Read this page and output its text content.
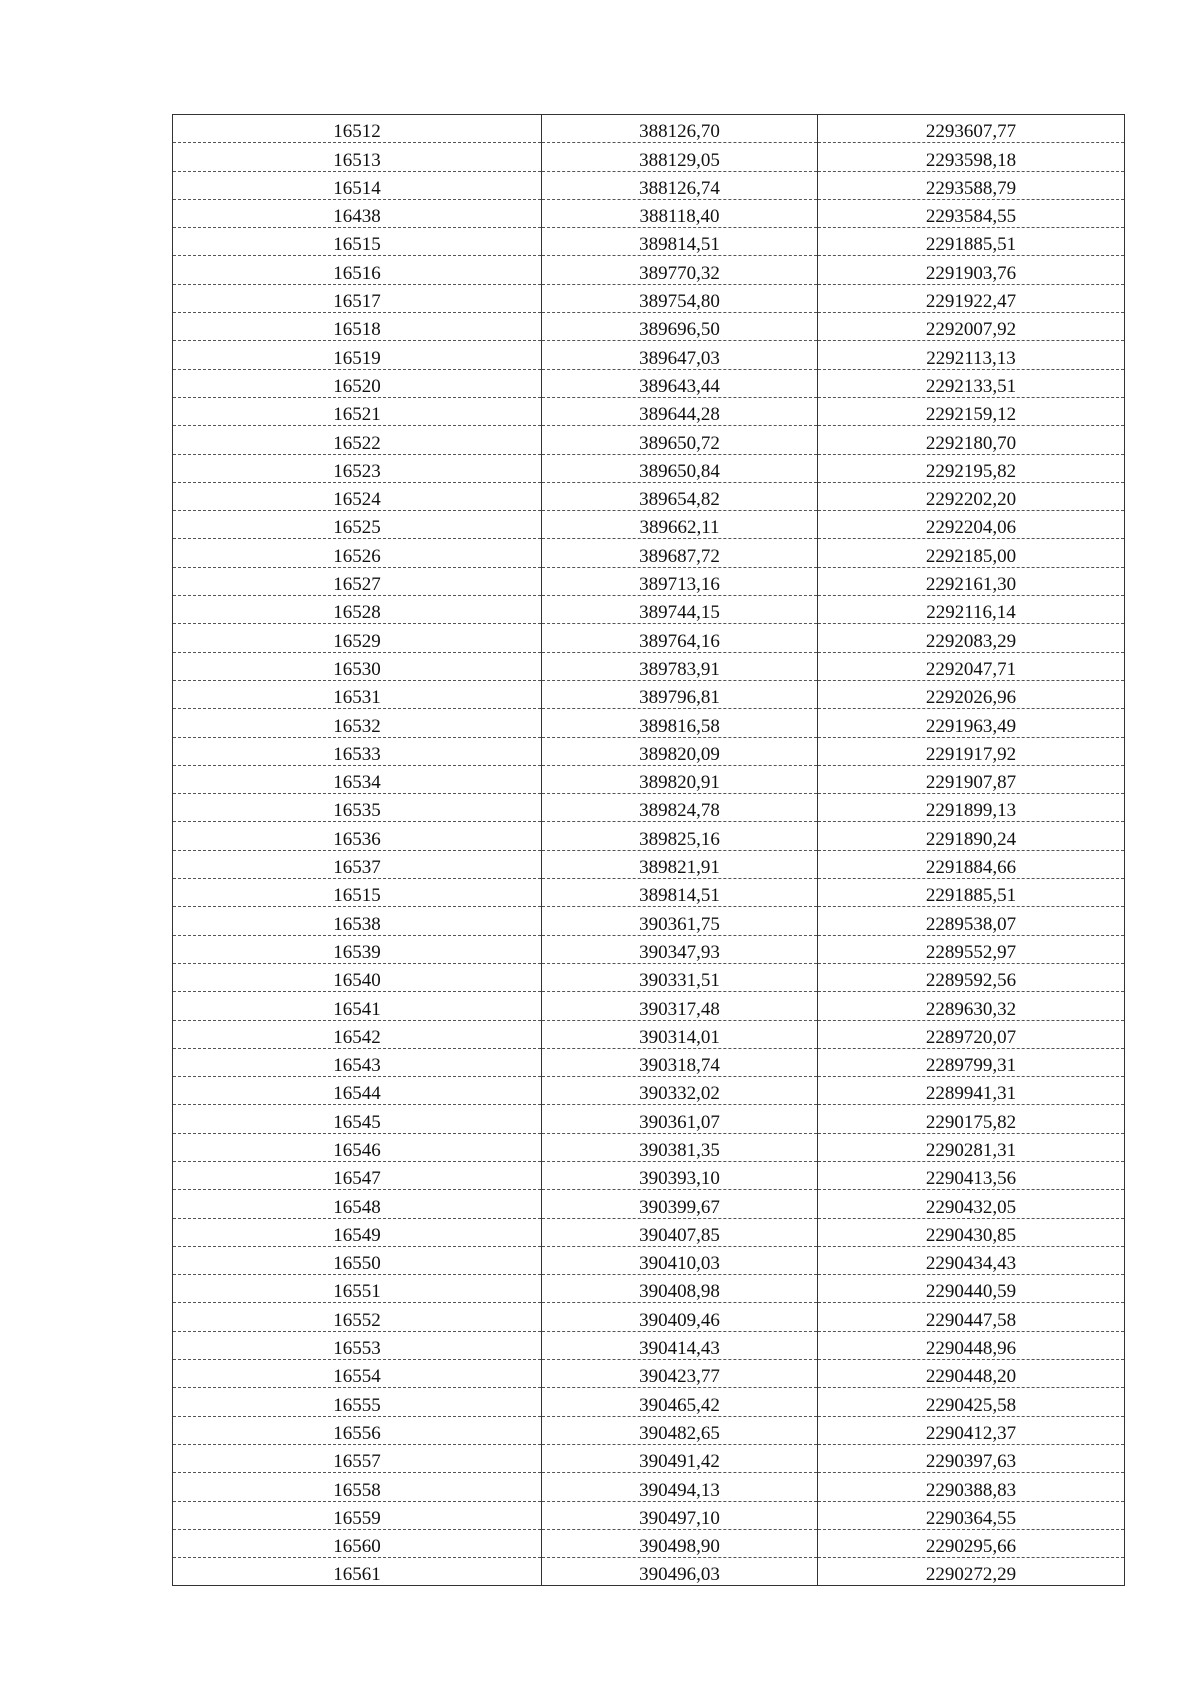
16512	388126,70	2293607,77
16513	388129,05	2293598,18
16514	388126,74	2293588,79
16438	388118,40	2293584,55
16515	389814,51	2291885,51
16516	389770,32	2291903,76
16517	389754,80	2291922,47
16518	389696,50	2292007,92
16519	389647,03	2292113,13
16520	389643,44	2292133,51
16521	389644,28	2292159,12
16522	389650,72	2292180,70
16523	389650,84	2292195,82
16524	389654,82	2292202,20
16525	389662,11	2292204,06
16526	389687,72	2292185,00
16527	389713,16	2292161,30
16528	389744,15	2292116,14
16529	389764,16	2292083,29
16530	389783,91	2292047,71
16531	389796,81	2292026,96
16532	389816,58	2291963,49
16533	389820,09	2291917,92
16534	389820,91	2291907,87
16535	389824,78	2291899,13
16536	389825,16	2291890,24
16537	389821,91	2291884,66
16515	389814,51	2291885,51
16538	390361,75	2289538,07
16539	390347,93	2289552,97
16540	390331,51	2289592,56
16541	390317,48	2289630,32
16542	390314,01	2289720,07
16543	390318,74	2289799,31
16544	390332,02	2289941,31
16545	390361,07	2290175,82
16546	390381,35	2290281,31
16547	390393,10	2290413,56
16548	390399,67	2290432,05
16549	390407,85	2290430,85
16550	390410,03	2290434,43
16551	390408,98	2290440,59
16552	390409,46	2290447,58
16553	390414,43	2290448,96
16554	390423,77	2290448,20
16555	390465,42	2290425,58
16556	390482,65	2290412,37
16557	390491,42	2290397,63
16558	390494,13	2290388,83
16559	390497,10	2290364,55
16560	390498,90	2290295,66
16561	390496,03	2290272,29
